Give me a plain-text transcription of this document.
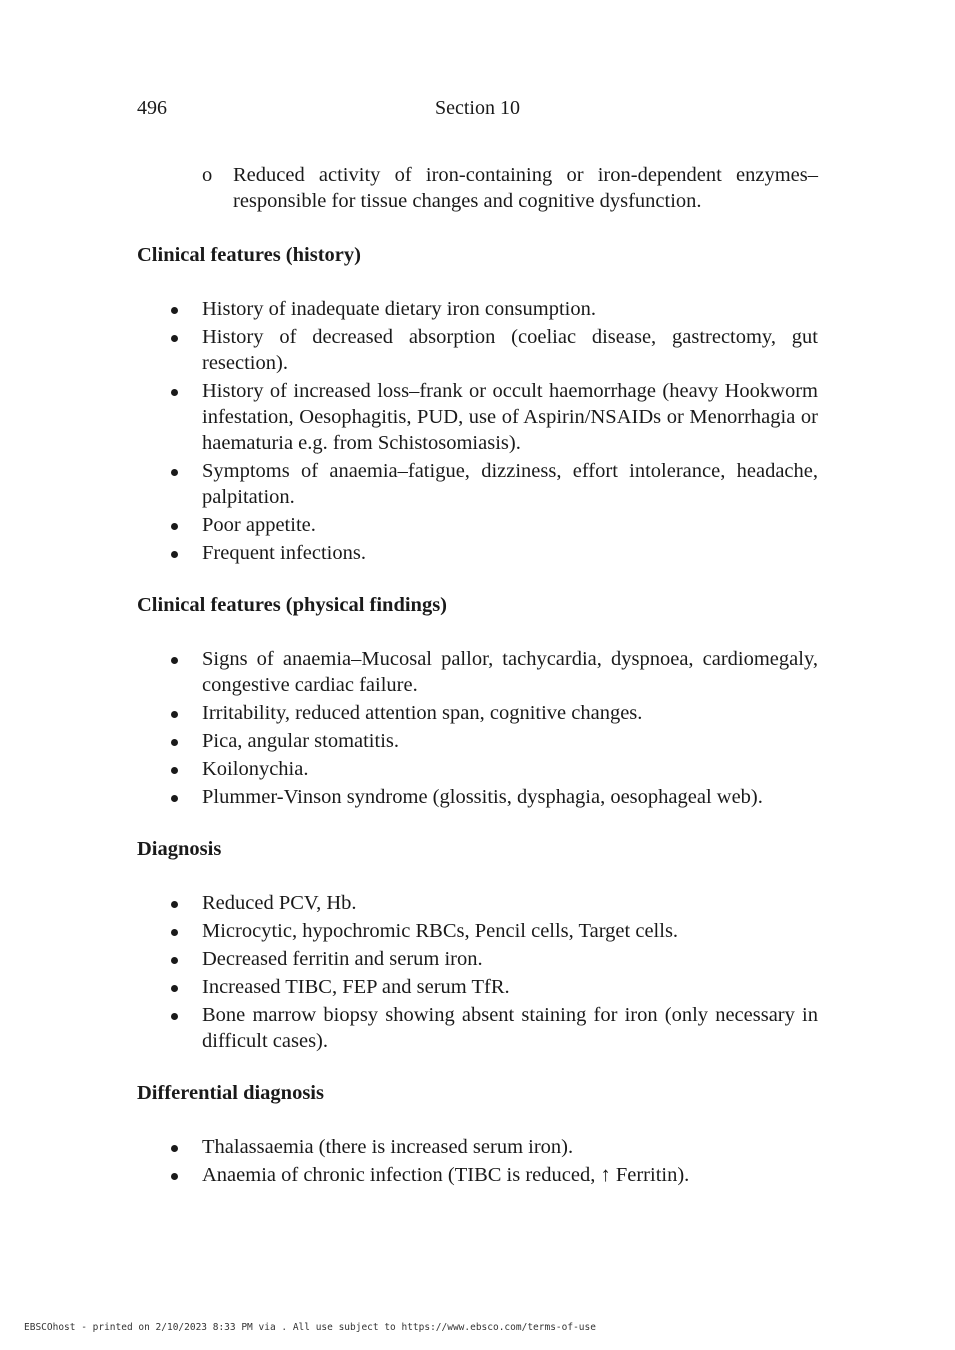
496	Section 10
o Reduced activity of iron-containing or iron-dependent enzymes–responsible for tissue changes and cognitive dysfunction.
Clinical features (history)
History of inadequate dietary iron consumption.
History of decreased absorption (coeliac disease, gastrectomy, gut resection).
History of increased loss–frank or occult haemorrhage (heavy Hookworm infestation, Oesophagitis, PUD, use of Aspirin/NSAIDs or Menorrhagia or haematuria e.g. from Schistosomiasis).
Symptoms of anaemia–fatigue, dizziness, effort intolerance, headache, palpitation.
Poor appetite.
Frequent infections.
Clinical features (physical findings)
Signs of anaemia–Mucosal pallor, tachycardia, dyspnoea, cardiomegaly, congestive cardiac failure.
Irritability, reduced attention span, cognitive changes.
Pica, angular stomatitis.
Koilonychia.
Plummer-Vinson syndrome (glossitis, dysphagia, oesophageal web).
Diagnosis
Reduced PCV, Hb.
Microcytic, hypochromic RBCs, Pencil cells, Target cells.
Decreased ferritin and serum iron.
Increased TIBC, FEP and serum TfR.
Bone marrow biopsy showing absent staining for iron (only necessary in difficult cases).
Differential diagnosis
Thalassaemia (there is increased serum iron).
Anaemia of chronic infection (TIBC is reduced, ↑ Ferritin).
EBSCOhost - printed on 2/10/2023 8:33 PM via . All use subject to https://www.ebsco.com/terms-of-use
